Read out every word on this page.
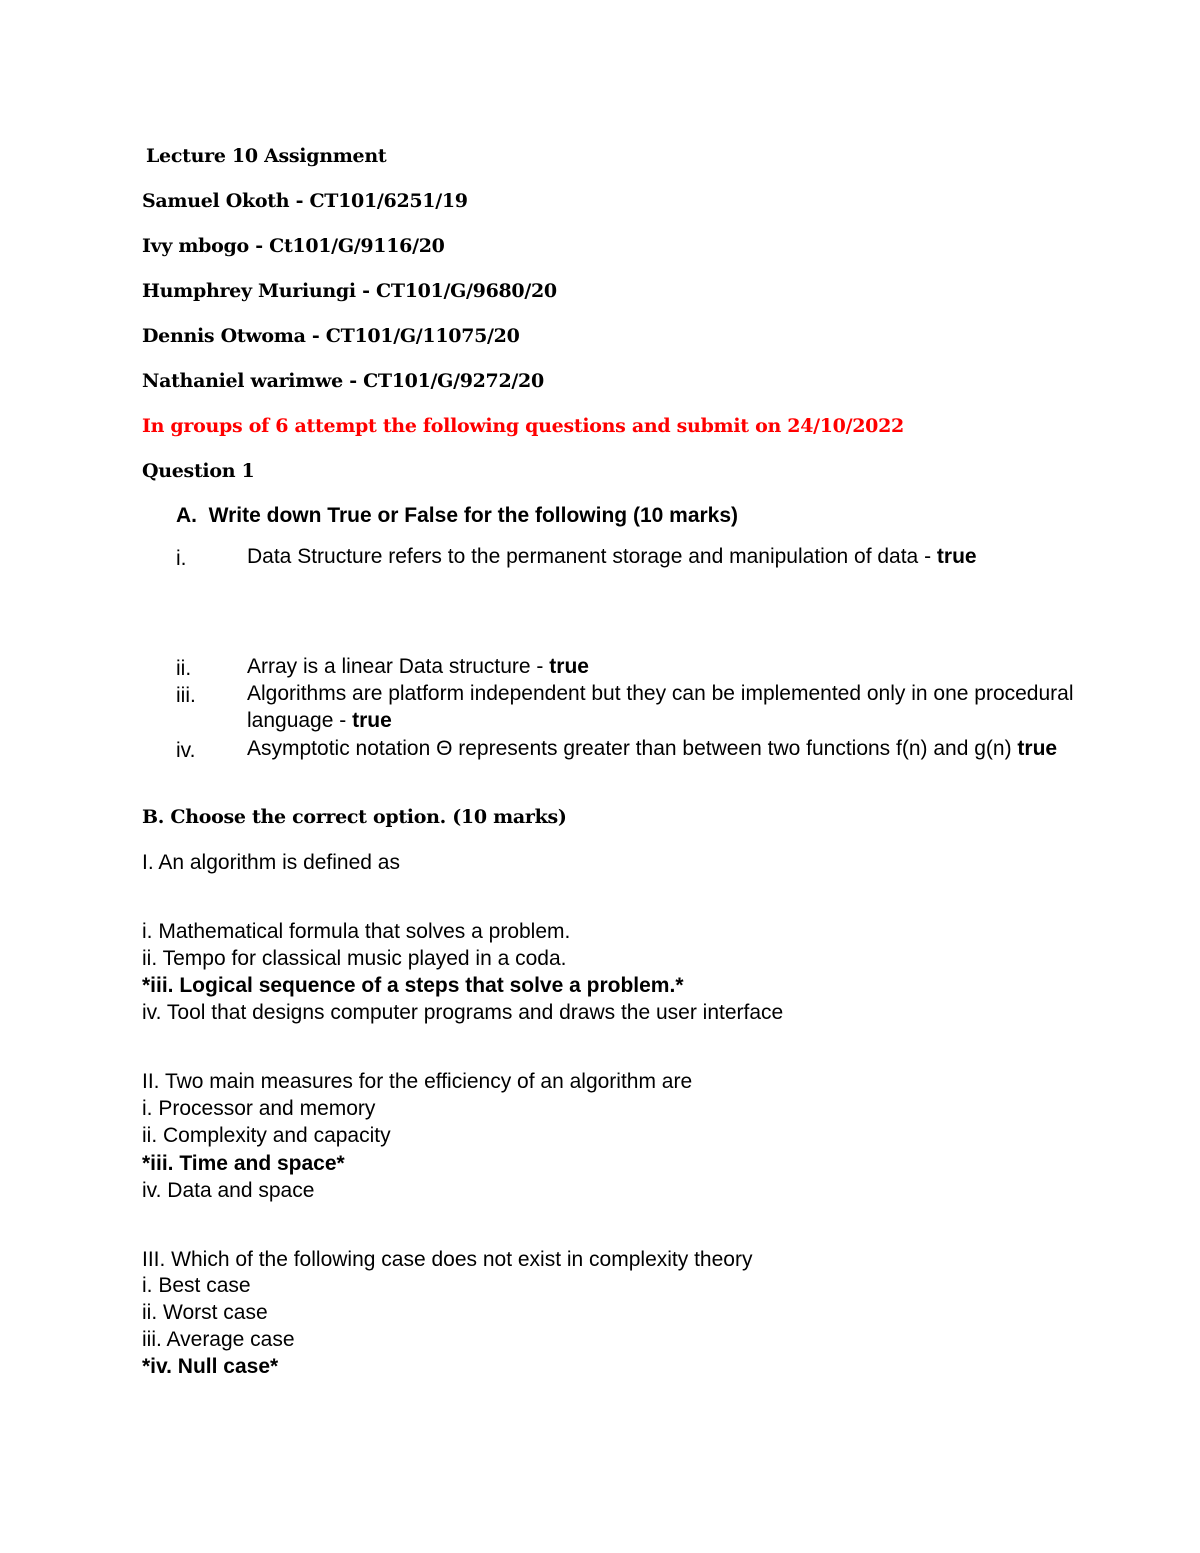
Lecture 10 Assignment
Samuel Okoth - CT101/6251/19
Ivy mbogo - Ct101/G/9116/20
Humphrey Muriungi - CT101/G/9680/20
Dennis Otwoma - CT101/G/11075/20
Nathaniel warimwe - CT101/G/9272/20
In groups of 6 attempt the following questions and submit on 24/10/2022
Question 1
A.  Write down True or False for the following (10 marks)
i.	Data Structure refers to the permanent storage and manipulation of data - true
ii.	Array is a linear Data structure - true
iii. Algorithms are platform independent but they can be implemented only in one procedural language - true
iv. Asymptotic notation Θ represents greater than between two functions f(n) and g(n) true
B. Choose the correct option. (10 marks)
I. An algorithm is defined as
i. Mathematical formula that solves a problem.
ii. Tempo for classical music played in a coda.
*iii. Logical sequence of a steps that solve a problem.*
iv. Tool that designs computer programs and draws the user interface
II. Two main measures for the efficiency of an algorithm are
i. Processor and memory
ii. Complexity and capacity
*iii. Time and space*
iv. Data and space
III. Which of the following case does not exist in complexity theory
i. Best case
ii. Worst case
iii. Average case
*iv. Null case*
